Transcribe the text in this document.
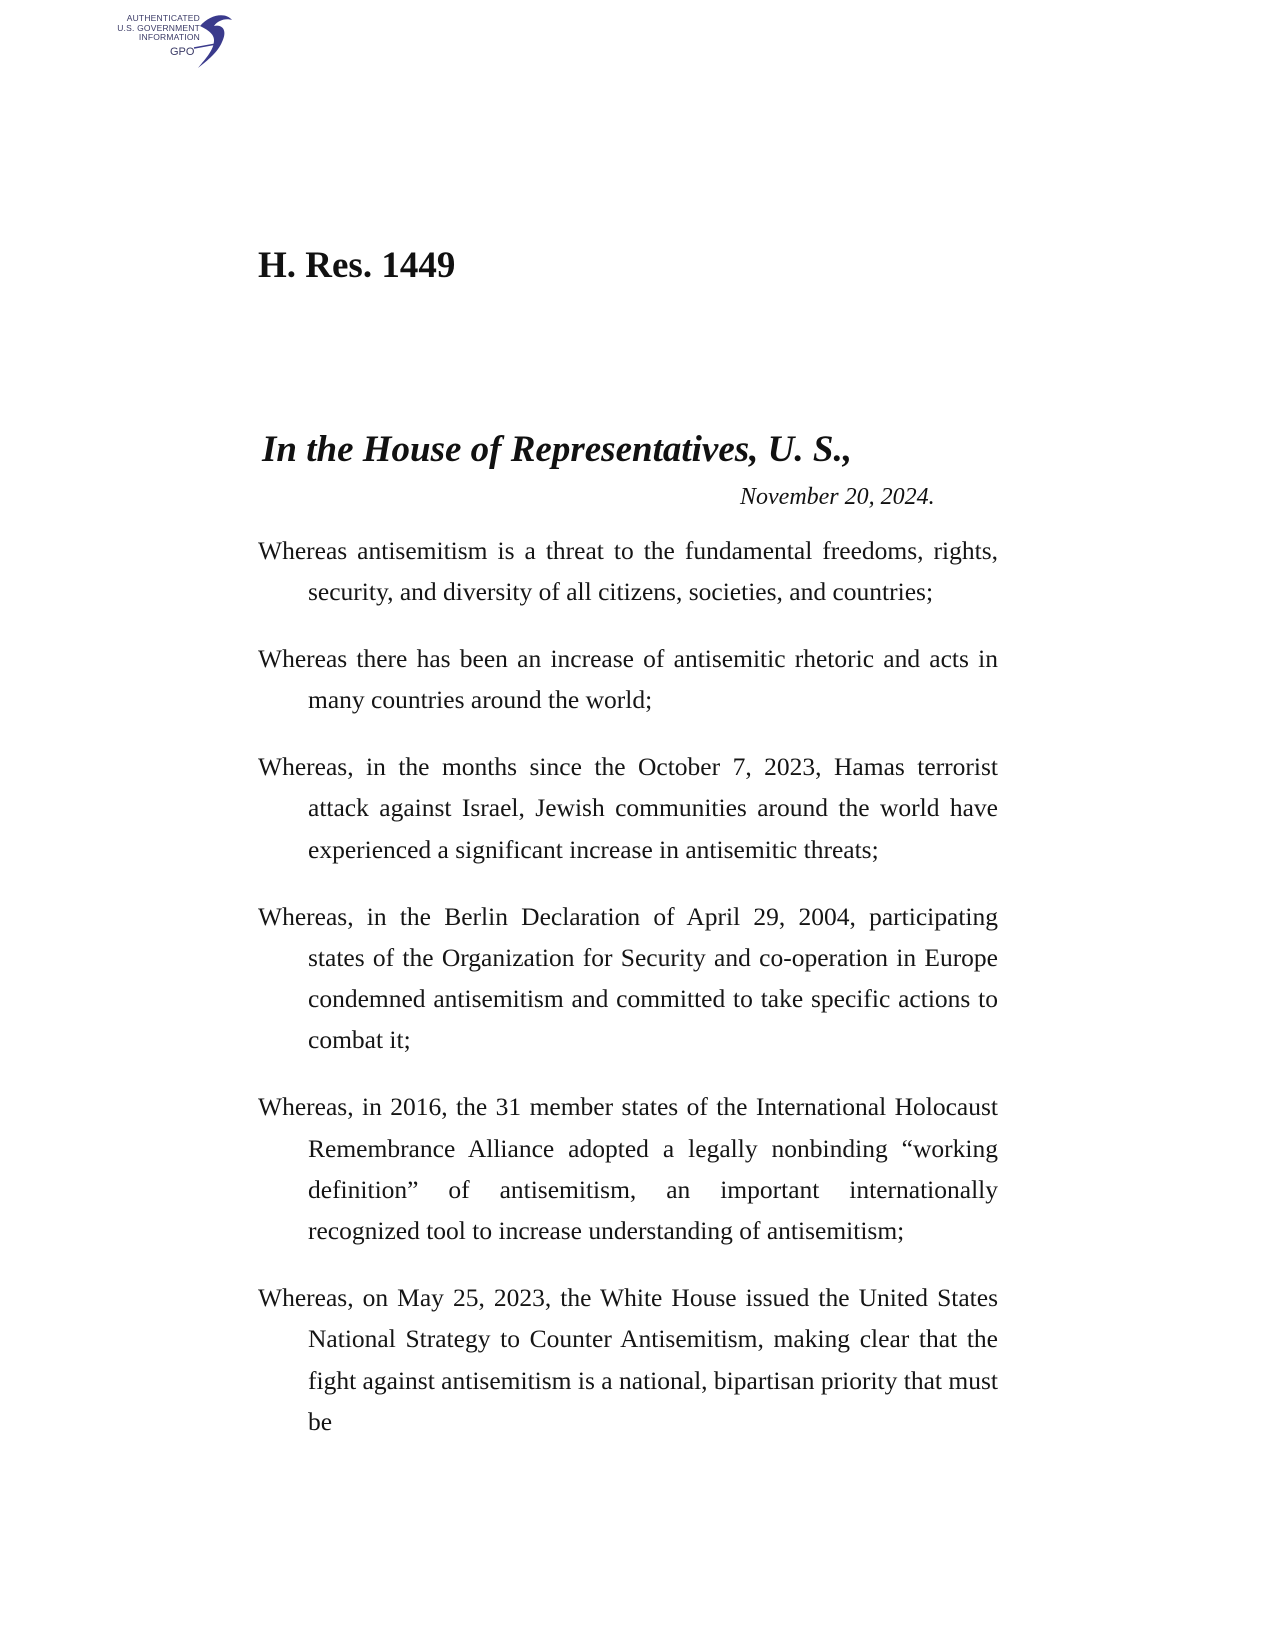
AUTHENTICATED
U.S. GOVERNMENT
INFORMATION
GPO
H. Res. 1449
In the House of Representatives, U. S.,
November 20, 2024.

Whereas antisemitism is a threat to the fundamental freedoms, rights, security, and diversity of all citizens, societies, and countries;

Whereas there has been an increase of antisemitic rhetoric and acts in many countries around the world;

Whereas, in the months since the October 7, 2023, Hamas terrorist attack against Israel, Jewish communities around the world have experienced a significant increase in antisemitic threats;

Whereas, in the Berlin Declaration of April 29, 2004, participating states of the Organization for Security and co-operation in Europe condemned antisemitism and committed to take specific actions to combat it;

Whereas, in 2016, the 31 member states of the International Holocaust Remembrance Alliance adopted a legally nonbinding “working definition” of antisemitism, an important internationally recognized tool to increase understanding of antisemitism;

Whereas, on May 25, 2023, the White House issued the United States National Strategy to Counter Antisemitism, making clear that the fight against antisemitism is a national, bipartisan priority that must be
